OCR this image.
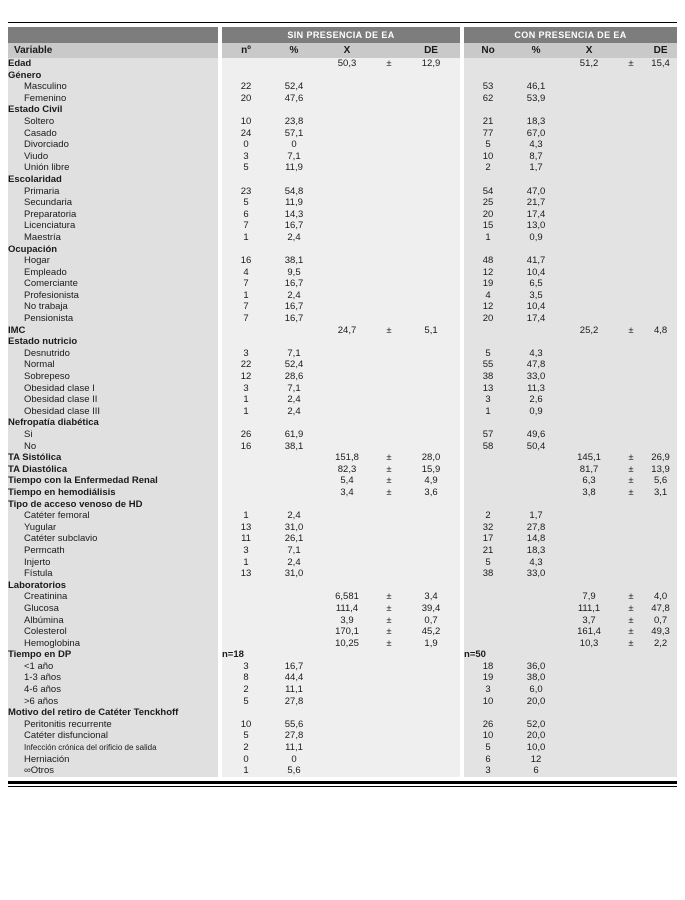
		SIN PRESENCIA DE EA						CON PRESENCIA DE EA				
Variable		nº	%	X		DE		No	%	X		DE
Edad				50,3	±	12,9				51,2	±	15,4
Género												
Masculino		22	52,4					53	46,1			
Femenino		20	47,6					62	53,9			
Estado Civil												
Soltero		10	23,8					21	18,3			
Casado		24	57,1					77	67,0			
Divorciado		0	0					5	4,3			
Viudo		3	7,1					10	8,7			
Unión libre		5	11,9					2	1,7			
Escolaridad												
Primaria		23	54,8					54	47,0			
Secundaria		5	11,9					25	21,7			
Preparatoria		6	14,3					20	17,4			
Licenciatura		7	16,7					15	13,0			
Maestría		1	2,4					1	0,9			
Ocupación												
Hogar		16	38,1					48	41,7			
Empleado		4	9,5					12	10,4			
Comerciante		7	16,7					19	6,5			
Profesionista		1	2,4					4	3,5			
No trabaja		7	16,7					12	10,4			
Pensionista		7	16,7					20	17,4			
IMC				24,7	±	5,1				25,2	±	4,8
Estado nutricio												
Desnutrido		3	7,1					5	4,3			
Normal		22	52,4					55	47,8			
Sobrepeso		12	28,6					38	33,0			
Obesidad clase I		3	7,1					13	11,3			
Obesidad clase II		1	2,4					3	2,6			
Obesidad clase III		1	2,4					1	0,9			
Nefropatía diabética												
Si		26	61,9					57	49,6			
No		16	38,1					58	50,4			
TA Sistólica				151,8	±	28,0				145,1	±	26,9
TA Diastólica				82,3	±	15,9				81,7	±	13,9
Tiempo con la Enfermedad Renal				5,4	±	4,9				6,3	±	5,6
Tiempo en hemodiálisis				3,4	±	3,6				3,8	±	3,1
Tipo de acceso venoso de HD												
Catéter femoral		1	2,4					2	1,7			
Yugular		13	31,0					32	27,8			
Catéter subclavio		11	26,1					17	14,8			
Permcath		3	7,1					21	18,3			
Injerto		1	2,4					5	4,3			
Fístula		13	31,0					38	33,0			
Laboratorios												
Creatinina				6,581	±	3,4				7,9	±	4,0
Glucosa				111,4	±	39,4				111,1	±	47,8
Albúmina				3,9	±	0,7				3,7	±	0,7
Colesterol				170,1	±	45,2				161,4	±	49,3
Hemoglobina				10,25	±	1,9				10,3	±	2,2
Tiempo en DP		n=18						n=50				
<1 año		3	16,7					18	36,0			
1-3 años		8	44,4					19	38,0			
4-6 años		2	11,1					3	6,0			
>6 años		5	27,8					10	20,0			
Motivo del retiro de Catéter Tenckhoff												
Peritonitis recurrente		10	55,6					26	52,0			
Catéter disfuncional		5	27,8					10	20,0			
Infección crónica del orificio de salida		2	11,1					5	10,0			
Herniación		0	0					6	12			
∞Otros		1	5,6					3	6			
